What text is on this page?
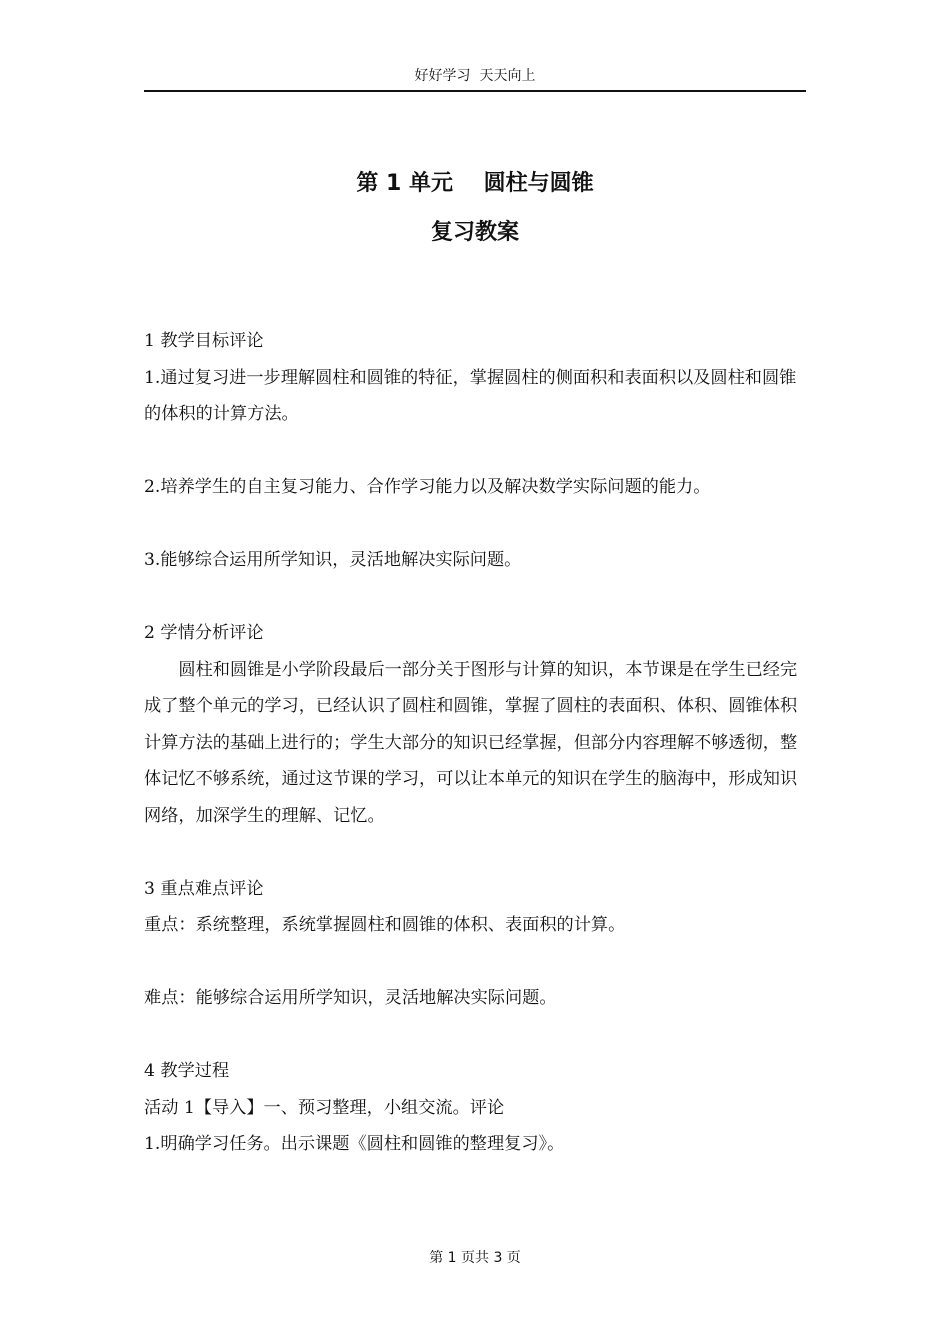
好好学习  天天向上
第 1 单元    圆柱与圆锥
复习教案

1 教学目标评论

1.通过复习进一步理解圆柱和圆锥的特征，掌握圆柱的侧面积和表面积以及圆柱和圆锥的体积的计算方法。

2.培养学生的自主复习能力、合作学习能力以及解决数学实际问题的能力。

3.能够综合运用所学知识，灵活地解决实际问题。

2 学情分析评论

圆柱和圆锥是小学阶段最后一部分关于图形与计算的知识，本节课是在学生已经完成了整个单元的学习，已经认识了圆柱和圆锥，掌握了圆柱的表面积、体积、圆锥体积计算方法的基础上进行的；学生大部分的知识已经掌握，但部分内容理解不够透彻，整体记忆不够系统，通过这节课的学习，可以让本单元的知识在学生的脑海中，形成知识网络，加深学生的理解、记忆。

3 重点难点评论

重点：系统整理，系统掌握圆柱和圆锥的体积、表面积的计算。

难点：能够综合运用所学知识，灵活地解决实际问题。

4 教学过程

活动 1【导入】一、预习整理，小组交流。评论

1.明确学习任务。出示课题《圆柱和圆锥的整理复习》。

第 1 页共 3 页
